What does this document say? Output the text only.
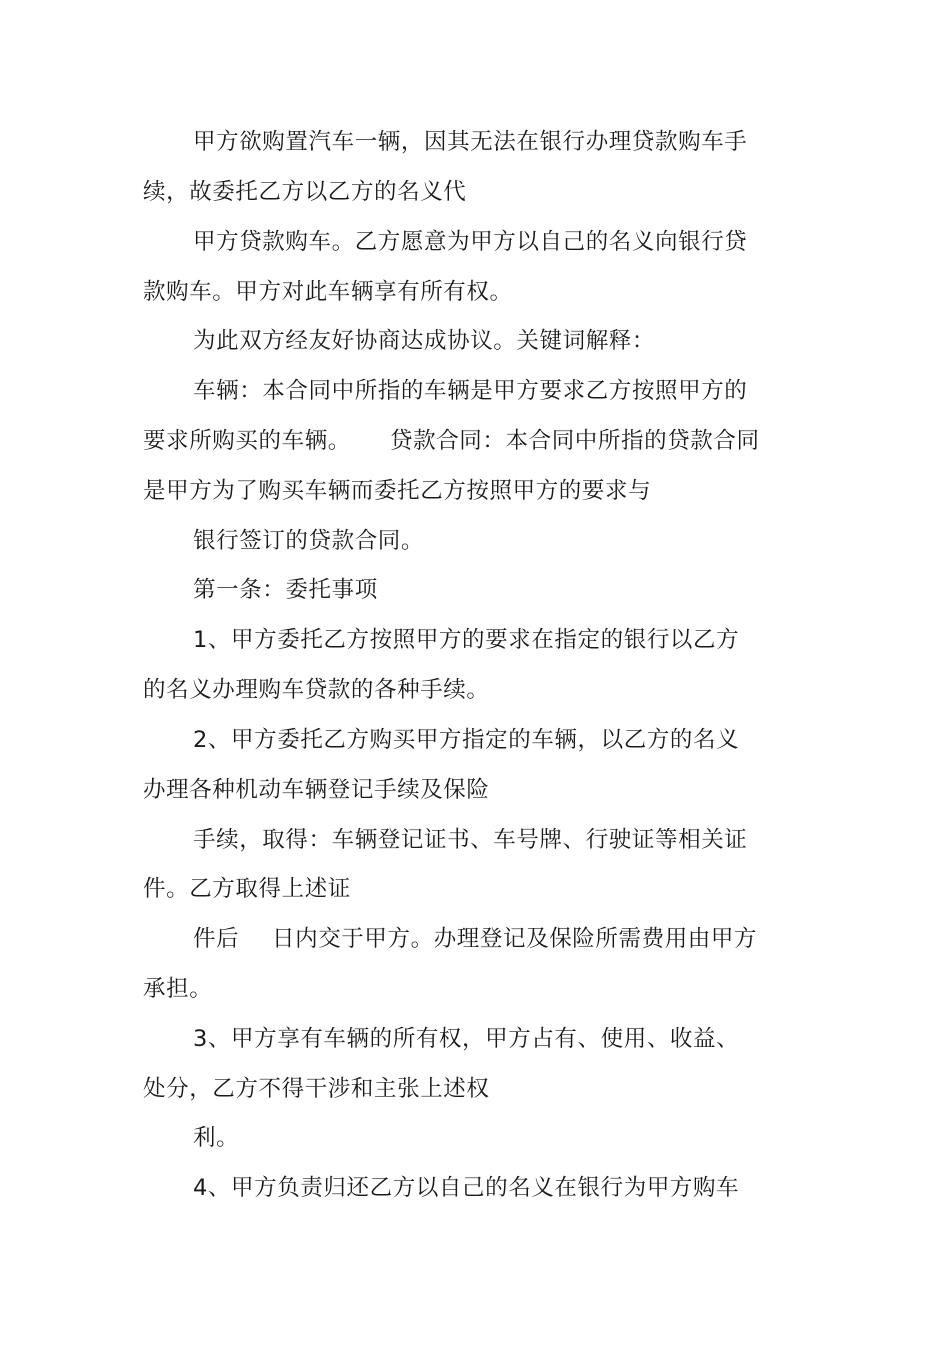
甲方欲购置汽车一辆，因其无法在银行办理贷款购车手
续，故委托乙方以乙方的名义代
甲方贷款购车。乙方愿意为甲方以自己的名义向银行贷
款购车。甲方对此车辆享有所有权。
为此双方经友好协商达成协议。关键词解释：
车辆：本合同中所指的车辆是甲方要求乙方按照甲方的
要求所购买的车辆。 贷款合同：本合同中所指的贷款合同
是甲方为了购买车辆而委托乙方按照甲方的要求与
银行签订的贷款合同。
第一条：委托事项
1、甲方委托乙方按照甲方的要求在指定的银行以乙方
的名义办理购车贷款的各种手续。
2、甲方委托乙方购买甲方指定的车辆，以乙方的名义
办理各种机动车辆登记手续及保险
手续，取得：车辆登记证书、车号牌、行驶证等相关证
件。乙方取得上述证
件后 日内交于甲方。办理登记及保险所需费用由甲方
承担。
3、甲方享有车辆的所有权，甲方占有、使用、收益、
处分，乙方不得干涉和主张上述权
利。
4、甲方负责归还乙方以自己的名义在银行为甲方购车
